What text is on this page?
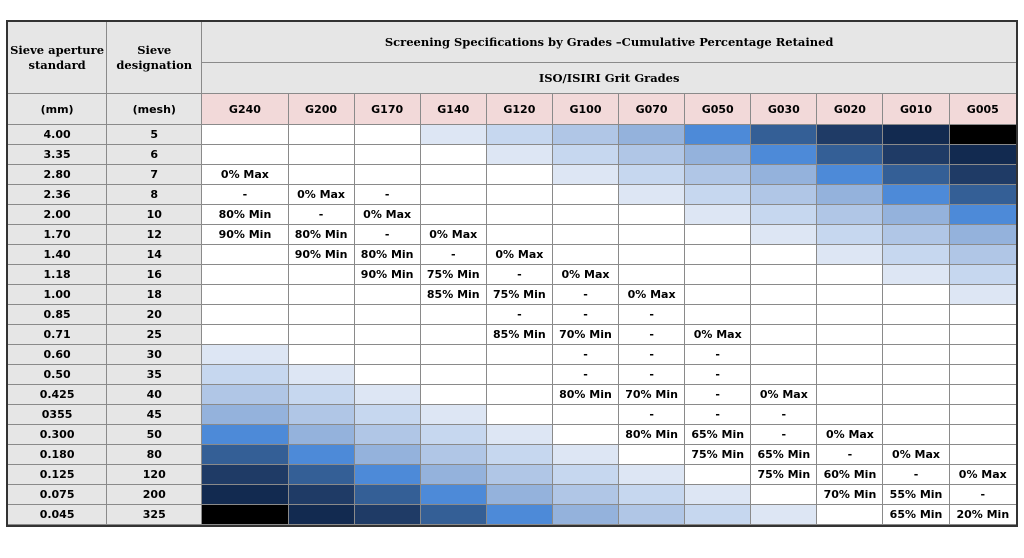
Sieve aperture standard	Sieve designation	Screening Specifications by Grades –Cumulative Percentage Retained											
		ISO/ISIRI Grit Grades											
(mm)	(mesh)	G240	G200	G170	G140	G120	G100	G070	G050	G030	G020	G010	G005
4.00	5												
3.35	6												
2.80	7	0% Max											
2.36	8	-	0% Max	-									
2.00	10	80% Min	-	0% Max									
1.70	12	90% Min	80% Min	-	0% Max								
1.40	14		90% Min	80% Min	-	0% Max							
1.18	16			90% Min	75% Min	-	0% Max						
1.00	18				85% Min	75% Min	-	0% Max					
0.85	20					-	-	-					
0.71	25					85% Min	70% Min	-	0% Max				
0.60	30						-	-	-				
0.50	35						-	-	-				
0.425	40						80% Min	70% Min	-	0% Max			
0355	45							-	-	-			
0.300	50							80% Min	65% Min	-	0% Max		
0.180	80								75% Min	65% Min	-	0% Max	
0.125	120									75% Min	60% Min	-	0% Max
0.075	200										70% Min	55% Min	-
0.045	325											65% Min	20% Min
